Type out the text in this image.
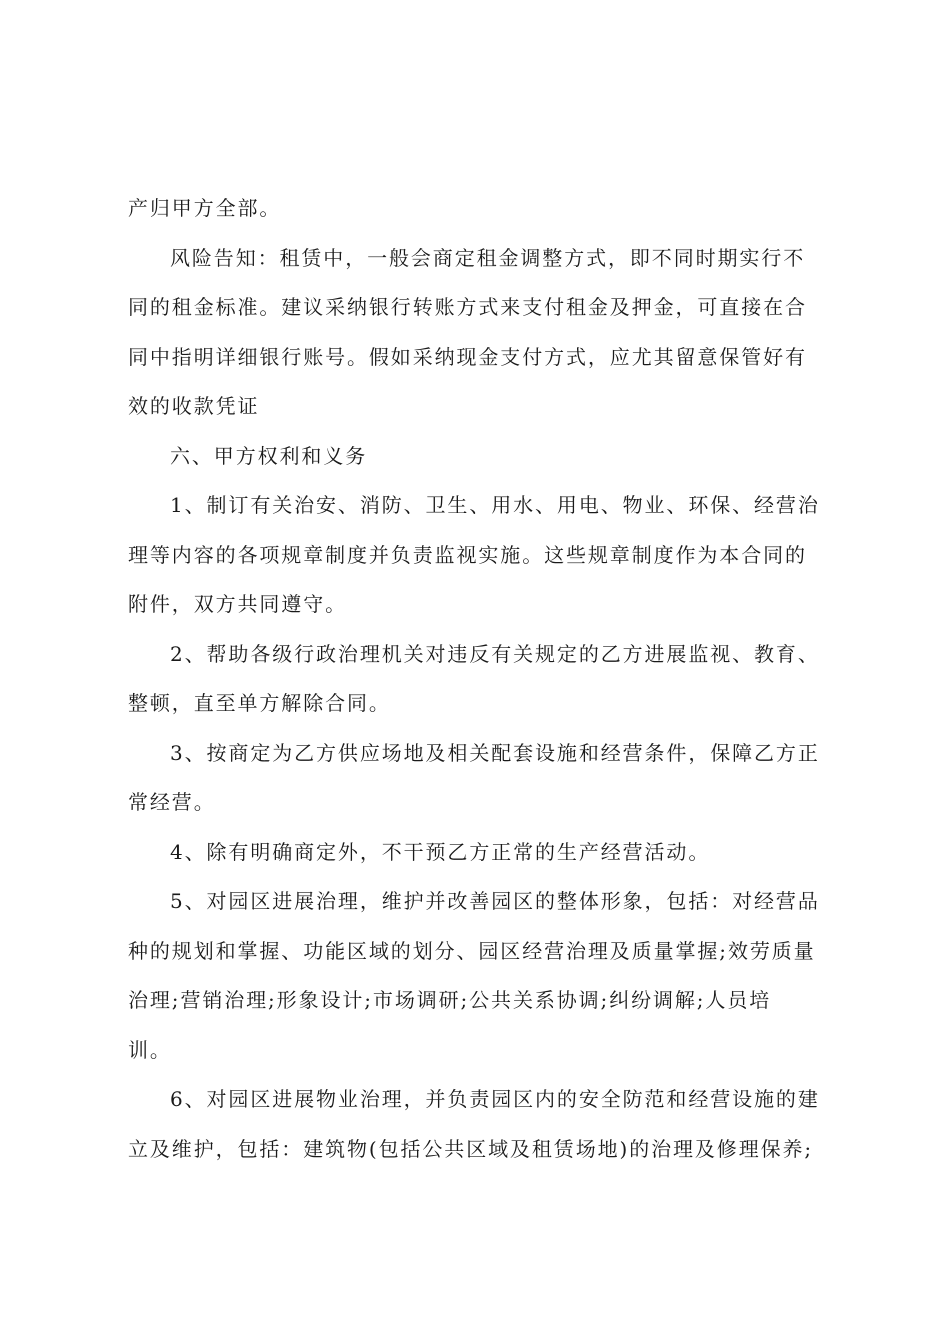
产归甲方全部。
风险告知：租赁中，一般会商定租金调整方式，即不同时期实行不
同的租金标准。建议采纳银行转账方式来支付租金及押金，可直接在合
同中指明详细银行账号。假如采纳现金支付方式，应尤其留意保管好有
效的收款凭证
六、甲方权利和义务
1、制订有关治安、消防、卫生、用水、用电、物业、环保、经营治
理等内容的各项规章制度并负责监视实施。这些规章制度作为本合同的
附件，双方共同遵守。
2、帮助各级行政治理机关对违反有关规定的乙方进展监视、教育、
整顿，直至单方解除合同。
3、按商定为乙方供应场地及相关配套设施和经营条件，保障乙方正
常经营。
4、除有明确商定外，不干预乙方正常的生产经营活动。
5、对园区进展治理，维护并改善园区的整体形象，包括：对经营品
种的规划和掌握、功能区域的划分、园区经营治理及质量掌握;效劳质量
治理;营销治理;形象设计;市场调研;公共关系协调;纠纷调解;人员培
训。
6、对园区进展物业治理，并负责园区内的安全防范和经营设施的建
立及维护，包括：建筑物(包括公共区域及租赁场地)的治理及修理保养;
